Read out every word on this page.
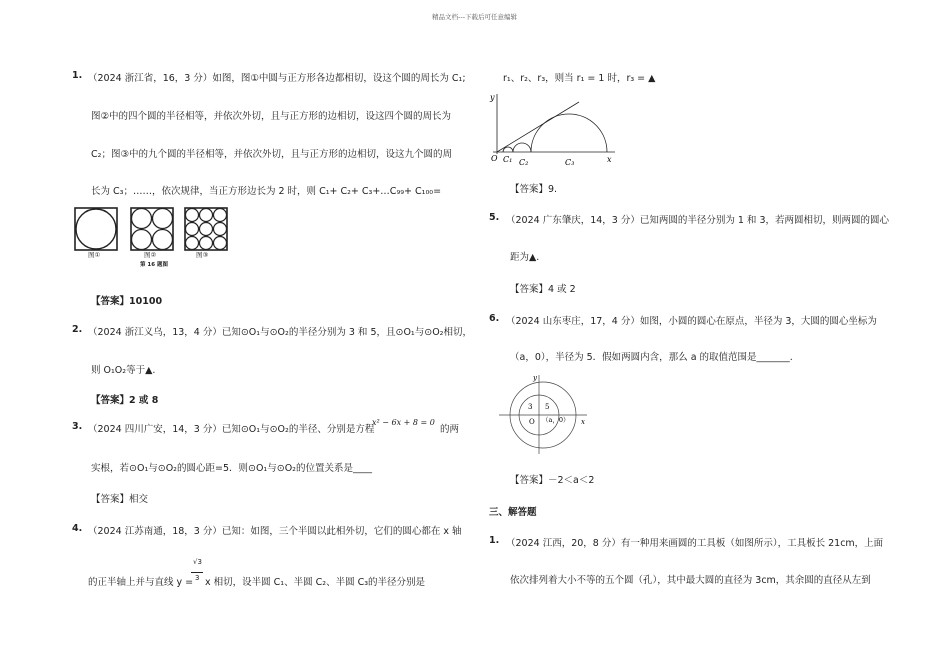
精品文档---下载后可任意编辑
1. （2024 浙江省，16，3 分）如图，图①中圆与正方形各边都相切，设这个圆的周长为 C₁;
图②中的四个圆的半径相等，并依次外切，且与正方形的边相切，设这四个圆的周长为
C₂；图③中的九个圆的半径相等，并依次外切，且与正方形的边相切，设这九个圆的周
长为 C₃；……，依次规律，当正方形边长为 2 时，则 C₁+ C₂+ C₃+…C₉₉+ C₁₀₀=
图①	图②	图③
第 16 题图
【答案】10100
2. （2024 浙江义乌，13，4 分）已知⊙O₁与⊙O₂的半径分别为 3 和 5，且⊙O₁与⊙O₂相切，
则 O₁O₂等于▲.
【答案】2 或 8
3. （2024 四川广安，14，3 分）已知⊙O₁与⊙O₂的半径、分别是方程
x² − 6x + 8 = 0
的两
实根，若⊙O₁与⊙O₂的圆心距=5．则⊙O₁与⊙O₂的位置关系是____
【答案】相交
4. （2024 江苏南通，18，3 分）已知：如图，三个半圆以此相外切，它们的圆心都在 x 轴
的正半轴上并与直线 y =
√3
3 x 相切，设半圆 C₁、半圆 C₂、半圆 C₃的半径分别是
r₁、r₂、r₃，则当 r₁ = 1 时，r₃ = ▲
y
x
O C₁ C₂	C₃
【答案】9.
5. （2024 广东肇庆，14，3 分）已知两圆的半径分别为 1 和 3，若两圆相切，则两圆的圆心
距为▲.
【答案】4 或 2
6. （2024 山东枣庄，17，4 分）如图，小圆的圆心在原点，半径为 3，大圆的圆心坐标为
（a，0），半径为 5．假如两圆内含，那么 a 的取值范围是_______.
y
x
O
3 5
（a，0）
【答案】－2＜a＜2
三、解答题
1. （2024 江西，20，8 分）有一种用来画圆的工具板（如图所示），工具板长 21cm，上面
依次排列着大小不等的五个圆（孔），其中最大圆的直径为 3cm，其余圆的直径从左到
